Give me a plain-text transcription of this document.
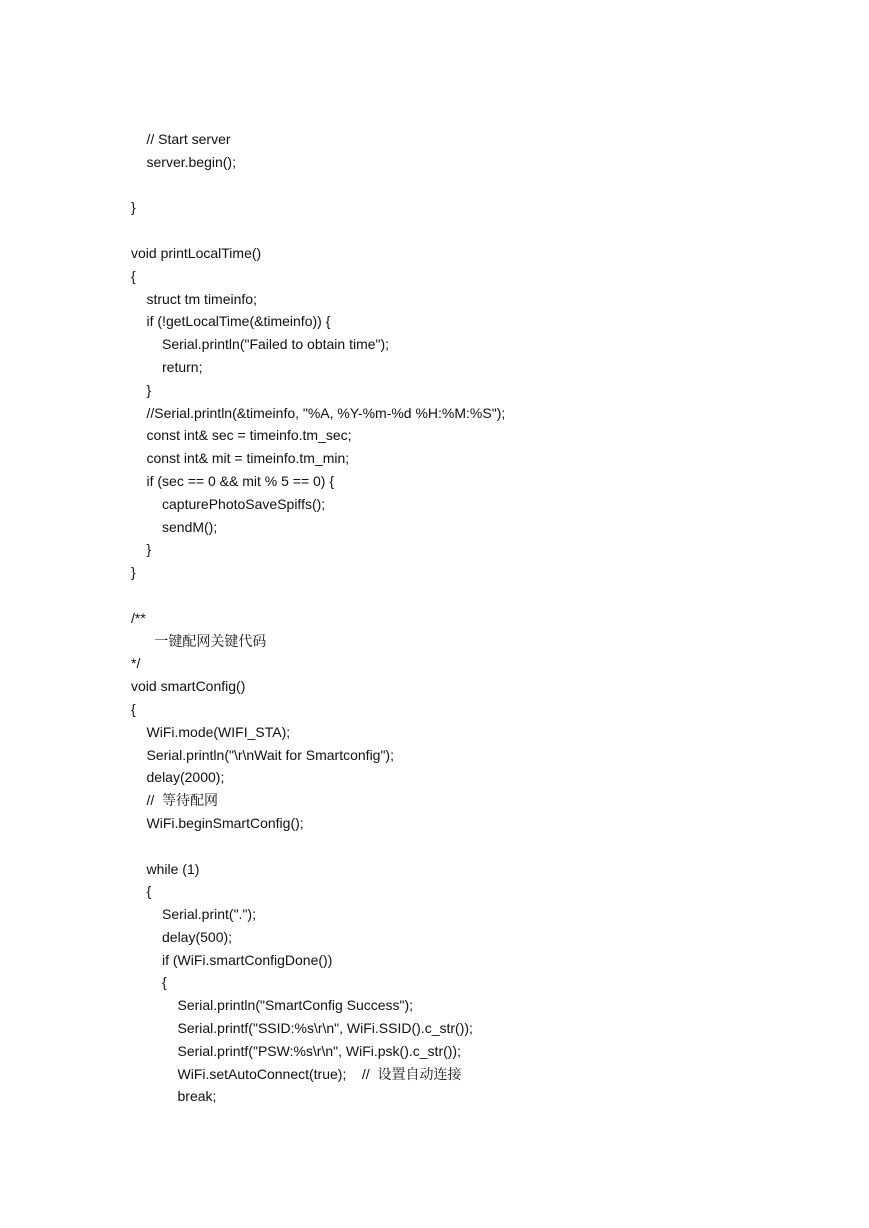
// Start server
server.begin();
}
void printLocalTime()
{
struct tm timeinfo;
if (!getLocalTime(&timeinfo)) {
Serial.println("Failed to obtain time");
return;
}
//Serial.println(&timeinfo, "%A, %Y-%m-%d %H:%M:%S");
const int& sec = timeinfo.tm_sec;
const int& mit = timeinfo.tm_min;
if (sec == 0 && mit % 5 == 0) {
capturePhotoSaveSpiffs();
sendM();
}
}
/**
一键配网关键代码
*/
void smartConfig()
{
WiFi.mode(WIFI_STA);
Serial.println("\r\nWait for Smartconfig");
delay(2000);
//  等待配网
WiFi.beginSmartConfig();
while (1)
{
Serial.print(".");
delay(500);
if (WiFi.smartConfigDone())
{
Serial.println("SmartConfig Success");
Serial.printf("SSID:%s\r\n", WiFi.SSID().c_str());
Serial.printf("PSW:%s\r\n", WiFi.psk().c_str());
WiFi.setAutoConnect(true);    //  设置自动连接
break;
